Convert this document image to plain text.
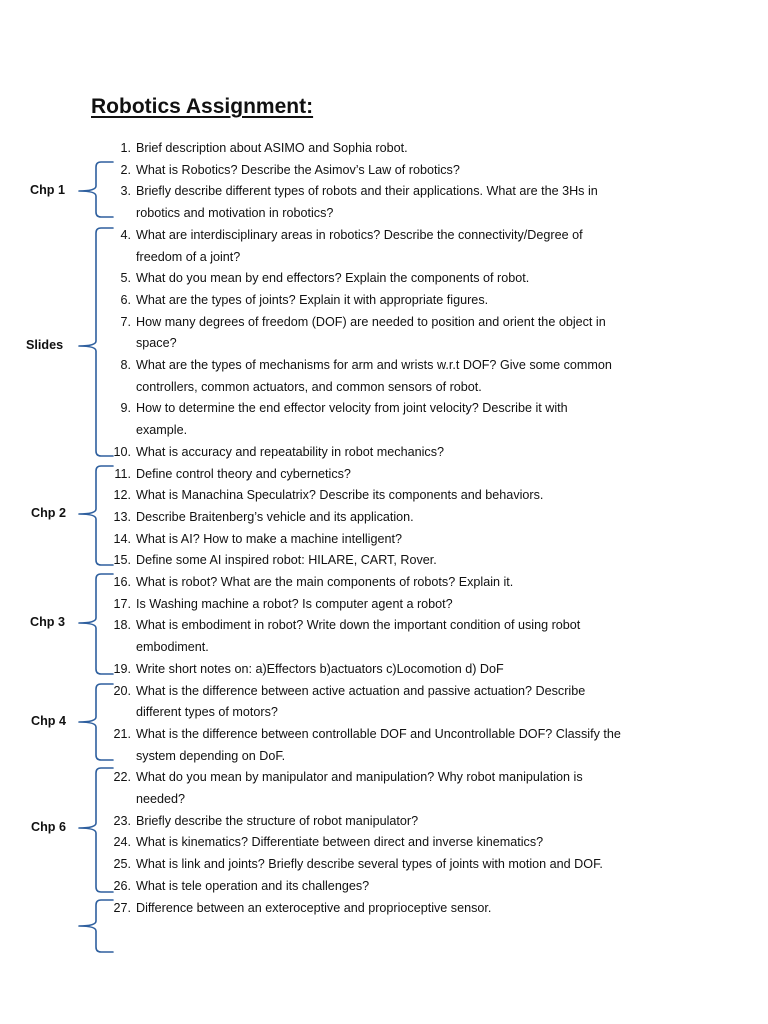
Robotics Assignment:
1. Brief description about ASIMO and Sophia robot.
2. What is Robotics? Describe the Asimov’s Law of robotics?
3. Briefly describe different types of robots and their applications. What are the 3Hs in
robotics and motivation in robotics?
4. What are interdisciplinary areas in robotics? Describe the connectivity/Degree of
freedom of a joint?
5. What do you mean by end effectors? Explain the components of robot.
6. What are the types of joints? Explain it with appropriate figures.
7. How many degrees of freedom (DOF) are needed to position and orient the object in
space?
8. What are the types of mechanisms for arm and wrists w.r.t DOF? Give some common
controllers, common actuators, and common sensors of robot.
9. How to determine the end effector velocity from joint velocity? Describe it with
example.
10. What is accuracy and repeatability in robot mechanics?
11. Define control theory and cybernetics?
12. What is Manachina Speculatrix? Describe its components and behaviors.
13. Describe Braitenberg’s vehicle and its application.
14. What is AI? How to make a machine intelligent?
15. Define some AI inspired robot: HILARE, CART, Rover.
16. What is robot? What are the main components of robots? Explain it.
17. Is Washing machine a robot? Is computer agent a robot?
18. What is embodiment in robot? Write down the important condition of using robot
embodiment.
19. Write short notes on: a)Effectors b)actuators c)Locomotion d) DoF
20. What is the difference between active actuation and passive actuation? Describe
different types of motors?
21. What is the difference between controllable DOF and Uncontrollable DOF? Classify the
system depending on DoF.
22. What do you mean by manipulator and manipulation? Why robot manipulation is
needed?
23. Briefly describe the structure of robot manipulator?
24. What is kinematics? Differentiate between direct and inverse kinematics?
25. What is link and joints? Briefly describe several types of joints with motion and DOF.
26. What is tele operation and its challenges?
27. Difference between an exteroceptive and proprioceptive sensor.
Chp 1
Slides
Chp 2
Chp 3
Chp 4
Chp 6
